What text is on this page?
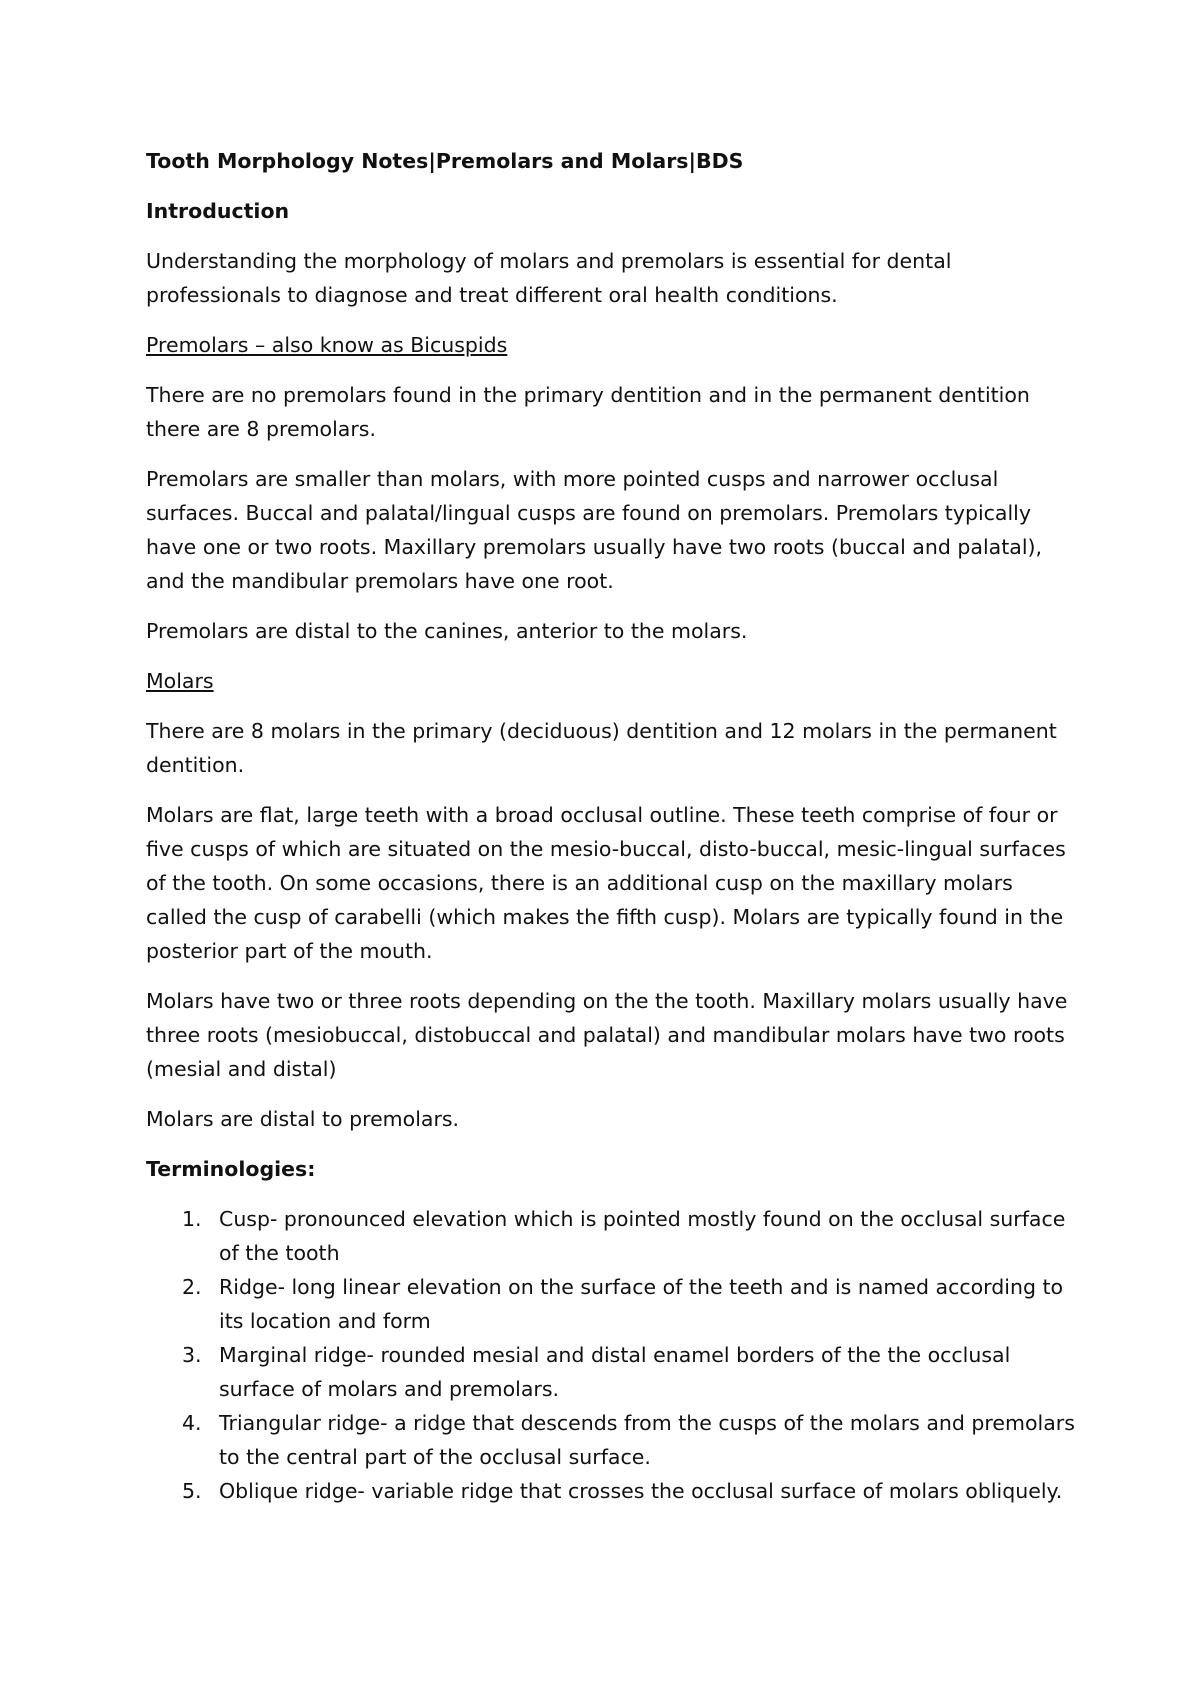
Tooth Morphology Notes|Premolars and Molars|BDS

Introduction

Understanding the morphology of molars and premolars is essential for dental professionals to diagnose and treat different oral health conditions.

Premolars – also know as Bicuspids

There are no premolars found in the primary dentition and in the permanent dentition there are 8 premolars.

Premolars are smaller than molars, with more pointed cusps and narrower occlusal surfaces. Buccal and palatal/lingual cusps are found on premolars. Premolars typically have one or two roots. Maxillary premolars usually have two roots (buccal and palatal), and the mandibular premolars have one root.

Premolars are distal to the canines, anterior to the molars.

Molars

There are 8 molars in the primary (deciduous) dentition and 12 molars in the permanent dentition.

Molars are flat, large teeth with a broad occlusal outline. These teeth comprise of four or five cusps of which are situated on the mesio-buccal, disto-buccal, mesic-lingual surfaces of the tooth. On some occasions, there is an additional cusp on the maxillary molars called the cusp of carabelli (which makes the fifth cusp). Molars are typically found in the posterior part of the mouth.

Molars have two or three roots depending on the the tooth. Maxillary molars usually have three roots (mesiobuccal, distobuccal and palatal) and mandibular molars have two roots (mesial and distal)

Molars are distal to premolars.

Terminologies:

1. Cusp- pronounced elevation which is pointed mostly found on the occlusal surface of the tooth
2. Ridge- long linear elevation on the surface of the teeth and is named according to its location and form
3. Marginal ridge- rounded mesial and distal enamel borders of the the occlusal surface of molars and premolars.
4. Triangular ridge- a ridge that descends from the cusps of the molars and premolars to the central part of the occlusal surface.
5. Oblique ridge- variable ridge that crosses the occlusal surface of molars obliquely.
